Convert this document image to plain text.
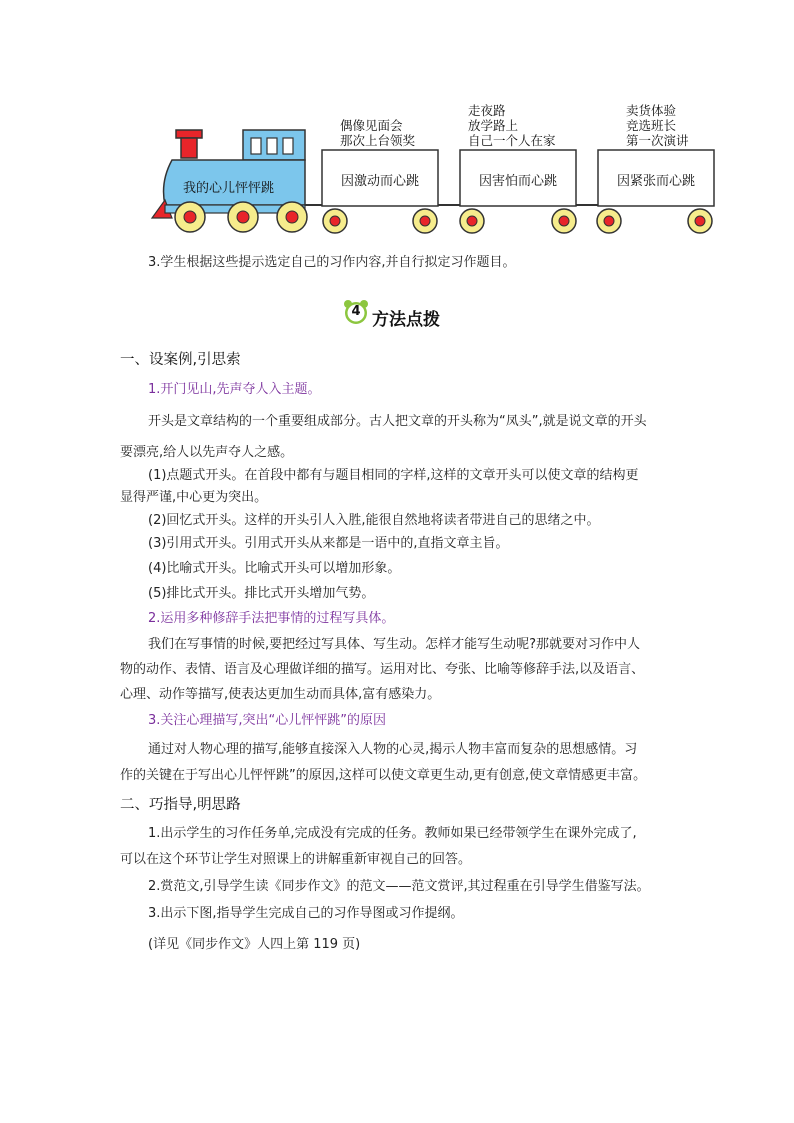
我的心儿怦怦跳	因激动而心跳	因害怕而心跳	因紧张而心跳
偶像见面会
那次上台领奖
走夜路
放学路上
自己一个人在家
卖货体验
竞选班长
第一次演讲
3.学生根据这些提示选定自己的习作内容,并自行拟定习作题目。
4 方法点拨
一、设案例,引思索
1.开门见山,先声夺人入主题。
开头是文章结构的一个重要组成部分。古人把文章的开头称为“凤头”,就是说文章的开头
要漂亮,给人以先声夺人之感。
(1)点题式开头。在首段中都有与题目相同的字样,这样的文章开头可以使文章的结构更
显得严谨,中心更为突出。
(2)回忆式开头。这样的开头引人入胜,能很自然地将读者带进自己的思绪之中。
(3)引用式开头。引用式开头从来都是一语中的,直指文章主旨。
(4)比喻式开头。比喻式开头可以增加形象。
(5)排比式开头。排比式开头增加气势。
2.运用多种修辞手法把事情的过程写具体。
我们在写事情的时候,要把经过写具体、写生动。怎样才能写生动呢?那就要对习作中人
物的动作、表情、语言及心理做详细的描写。运用对比、夸张、比喻等修辞手法,以及语言、
心理、动作等描写,使表达更加生动而具体,富有感染力。
3.关注心理描写,突出“心儿怦怦跳”的原因
通过对人物心理的描写,能够直接深入人物的心灵,揭示人物丰富而复杂的思想感情。习
作的关键在于写出心儿怦怦跳”的原因,这样可以使文章更生动,更有创意,使文章情感更丰富。
二、巧指导,明思路
1.出示学生的习作任务单,完成没有完成的任务。教师如果已经带领学生在课外完成了,
可以在这个环节让学生对照课上的讲解重新审视自己的回答。
2.赏范文,引导学生读《同步作文》的范文——范文赏评,其过程重在引导学生借鉴写法。
3.出示下图,指导学生完成自己的习作导图或习作提纲。
(详见《同步作文》人四上第 119 页)
